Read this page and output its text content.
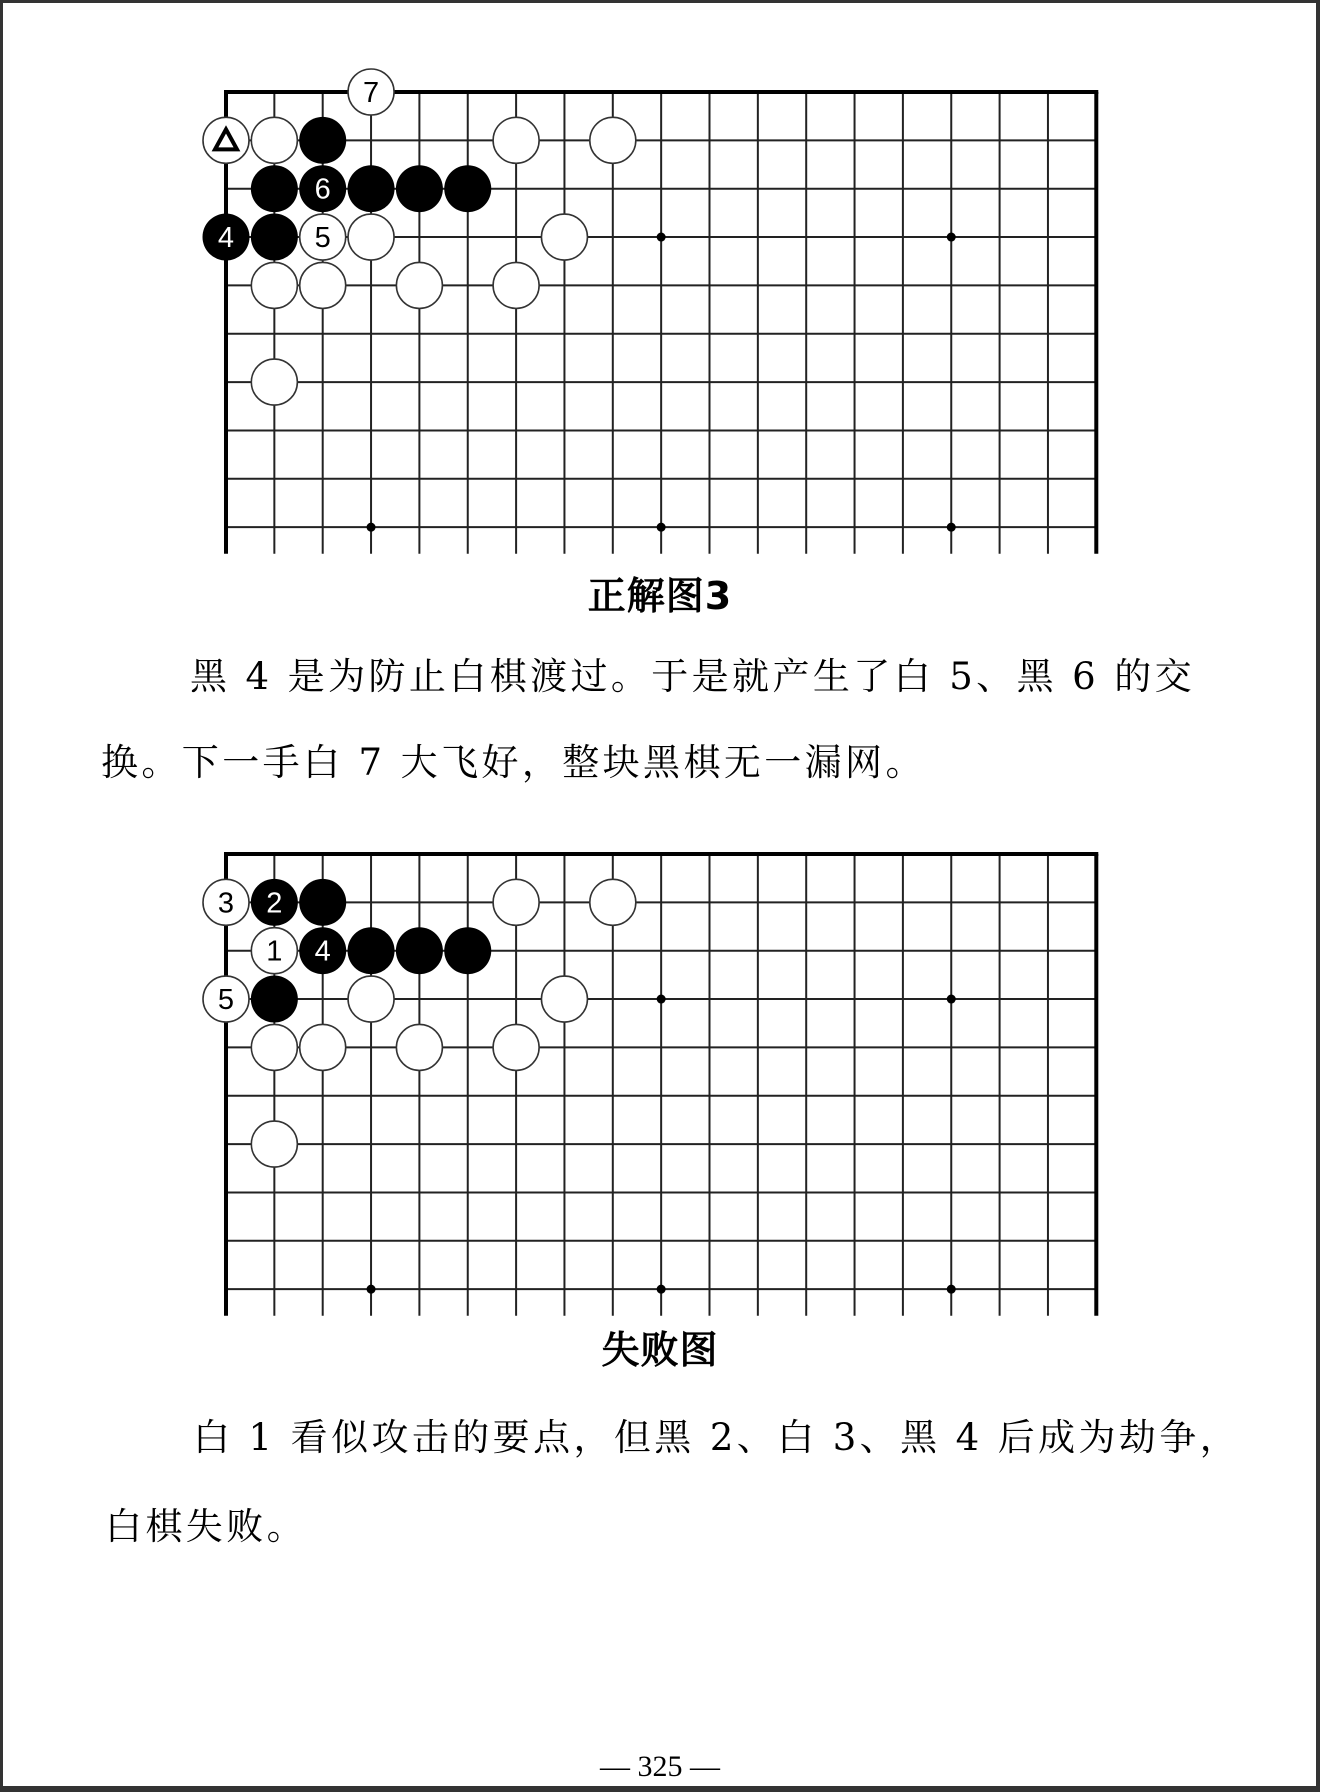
7
6
4	5
正解图3
黑 4 是为防止白棋渡过。于是就产生了白 5、黑 6 的交
换。下一手白 7 大飞好，整块黑棋无一漏网。
3 2
1 4
5
失败图
白 1 看似攻击的要点，但黑 2、白 3、黑 4 后成为劫争，
白棋失败。
— 325 —
